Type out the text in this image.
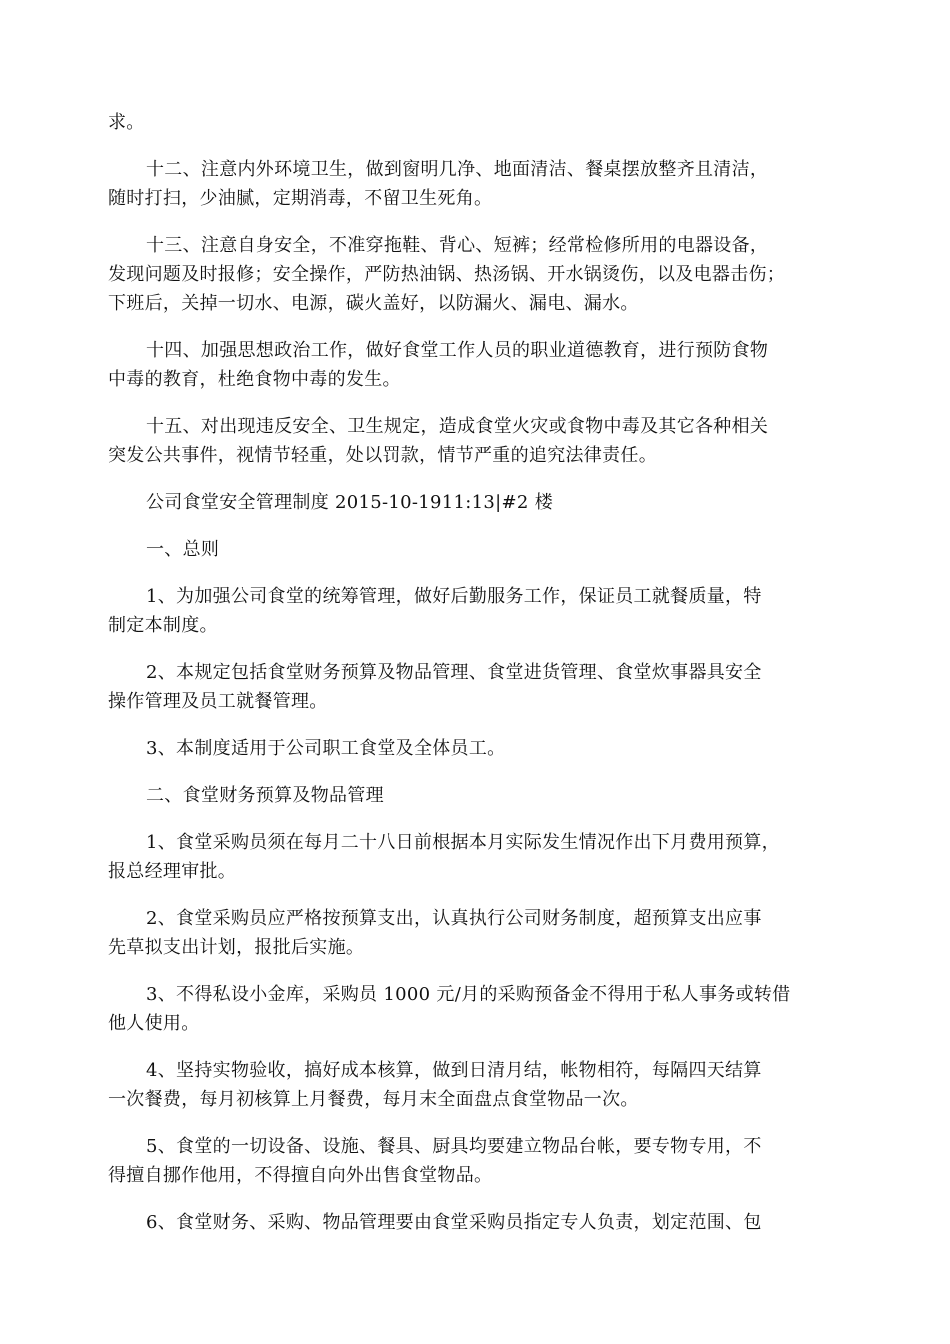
求。

十二、注意内外环境卫生，做到窗明几净、地面清洁、餐桌摆放整齐且清洁，
随时打扫，少油腻，定期消毒，不留卫生死角。

十三、注意自身安全，不准穿拖鞋、背心、短裤；经常检修所用的电器设备，
发现问题及时报修；安全操作，严防热油锅、热汤锅、开水锅烫伤，以及电器击伤；
下班后，关掉一切水、电源，碳火盖好，以防漏火、漏电、漏水。

十四、加强思想政治工作，做好食堂工作人员的职业道德教育，进行预防食物
中毒的教育，杜绝食物中毒的发生。

十五、对出现违反安全、卫生规定，造成食堂火灾或食物中毒及其它各种相关
突发公共事件，视情节轻重，处以罚款，情节严重的追究法律责任。

公司食堂安全管理制度 2015-10-1911:13|#2 楼

一、总则

1、为加强公司食堂的统筹管理，做好后勤服务工作，保证员工就餐质量，特
制定本制度。

2、本规定包括食堂财务预算及物品管理、食堂进货管理、食堂炊事器具安全
操作管理及员工就餐管理。

3、本制度适用于公司职工食堂及全体员工。

二、食堂财务预算及物品管理

1、食堂采购员须在每月二十八日前根据本月实际发生情况作出下月费用预算，
报总经理审批。

2、食堂采购员应严格按预算支出，认真执行公司财务制度，超预算支出应事
先草拟支出计划，报批后实施。

3、不得私设小金库，采购员 1000 元/月的采购预备金不得用于私人事务或转借
他人使用。

4、坚持实物验收，搞好成本核算，做到日清月结，帐物相符，每隔四天结算
一次餐费，每月初核算上月餐费，每月末全面盘点食堂物品一次。

5、食堂的一切设备、设施、餐具、厨具均要建立物品台帐，要专物专用，不
得擅自挪作他用，不得擅自向外出售食堂物品。

6、食堂财务、采购、物品管理要由食堂采购员指定专人负责，划定范围、包
